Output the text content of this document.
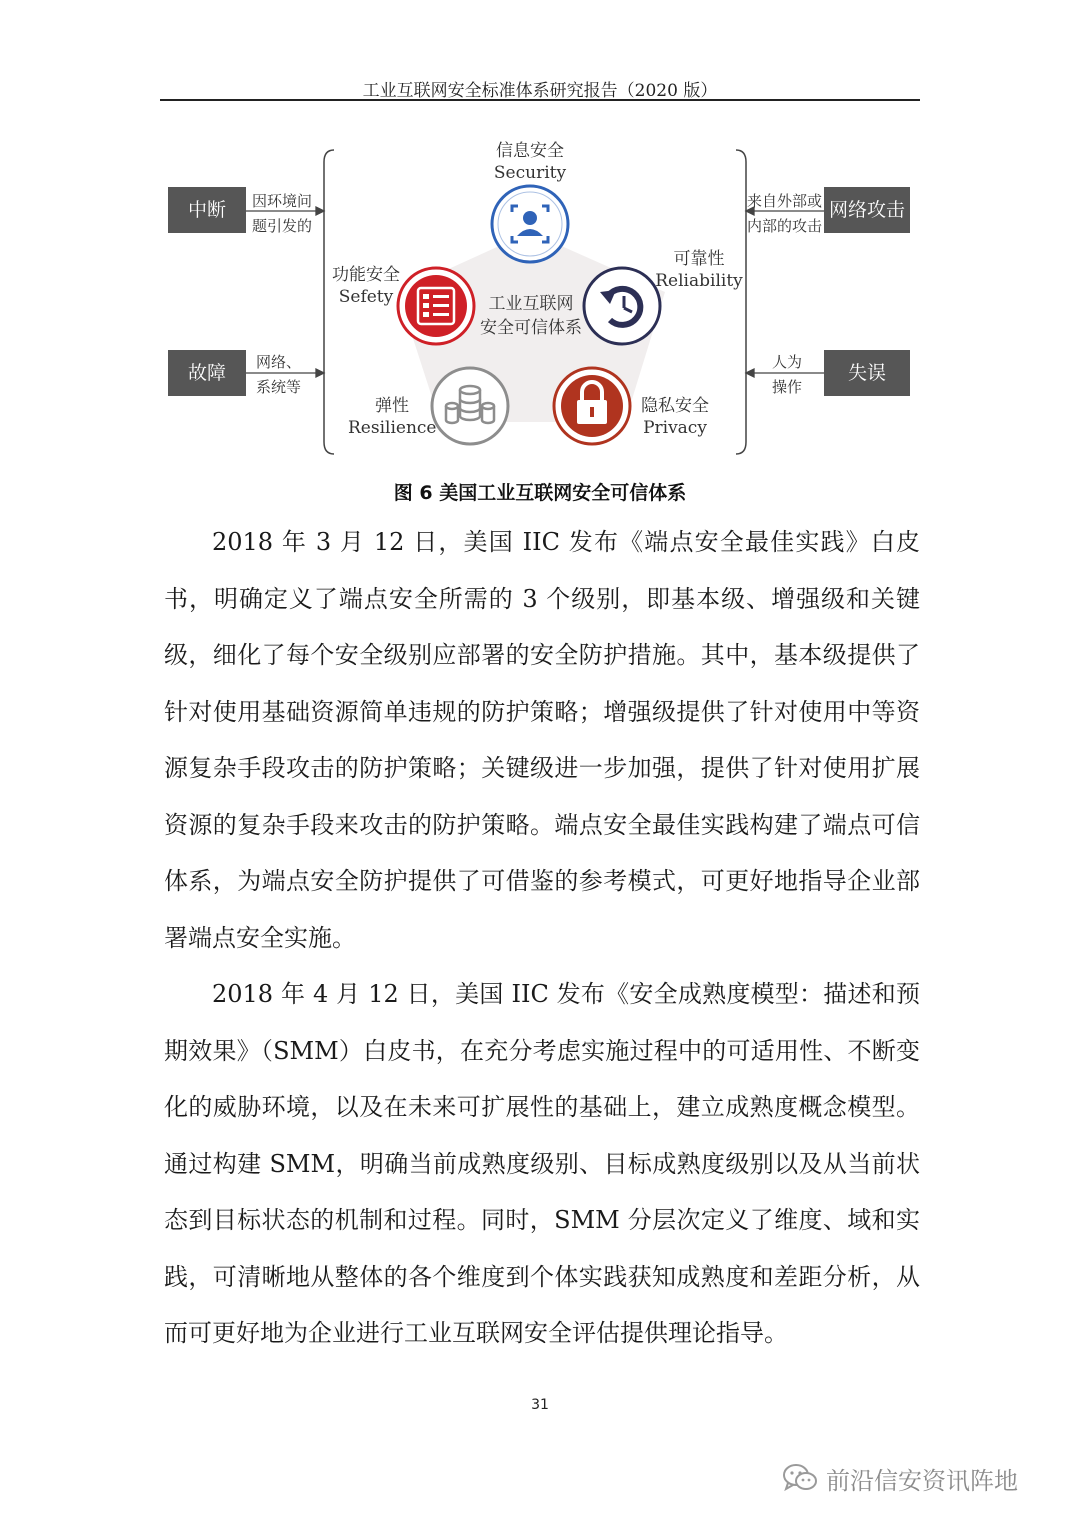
工业互联网安全标准体系研究报告（2020 版）
中断	因环境问
题引发的
故障	网络、
系统等
网络攻击
来自外部或
内部的攻击
失误
人为
操作
信息安全
Security
可靠性
Reliability
隐私安全
Privacy
弹性
Resilience
功能安全
Sefety	工业互联网
安全可信体系
图 6 美国工业互联网安全可信体系

2018 年 3 月 12 日，美国 IIC 发布《端点安全最佳实践》白皮书，明确定义了端点安全所需的 3 个级别，即基本级、增强级和关键级，细化了每个安全级别应部署的安全防护措施。其中，基本级提供了针对使用基础资源简单违规的防护策略；增强级提供了针对使用中等资源复杂手段攻击的防护策略；关键级进一步加强，提供了针对使用扩展资源的复杂手段来攻击的防护策略。端点安全最佳实践构建了端点可信体系，为端点安全防护提供了可借鉴的参考模式，可更好地指导企业部署端点安全实施。

2018 年 4 月 12 日，美国 IIC 发布《安全成熟度模型：描述和预期效果》（SMM）白皮书，在充分考虑实施过程中的可适用性、不断变化的威胁环境，以及在未来可扩展性的基础上，建立成熟度概念模型。通过构建 SMM，明确当前成熟度级别、目标成熟度级别以及从当前状态到目标状态的机制和过程。同时，SMM 分层次定义了维度、域和实践，可清晰地从整体的各个维度到个体实践获知成熟度和差距分析，从而可更好地为企业进行工业互联网安全评估提供理论指导。

31
前沿信安资讯阵地
